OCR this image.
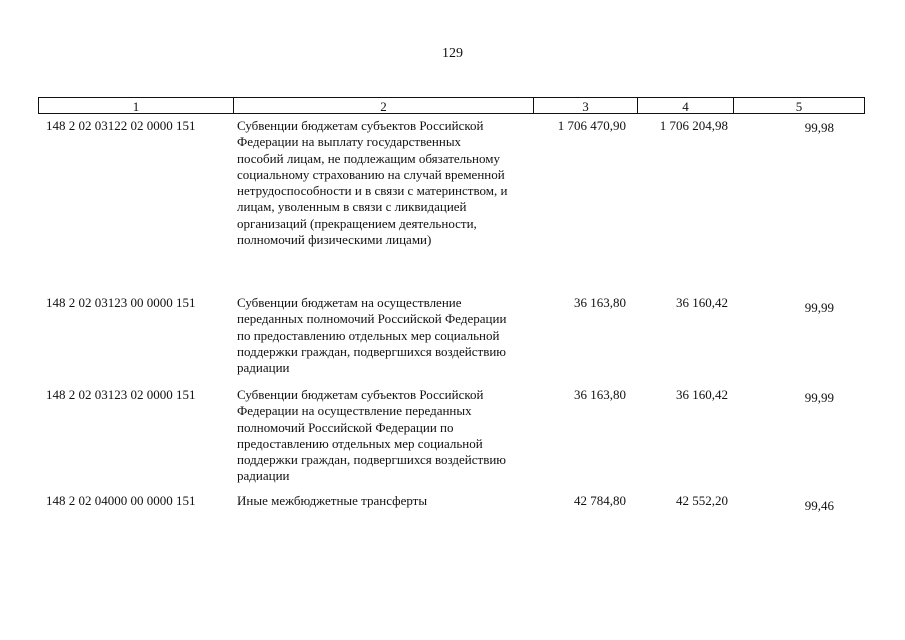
129
1	2	3	4	5
148 2 02 03122 02 0000 151	Субвенции бюджетам субъектов Российской
Федерации на выплату государственных
пособий лицам, не подлежащим обязательному
социальному страхованию на случай временной
нетрудоспособности и в связи с материнством, и
лицам, уволенным в связи с ликвидацией
организаций (прекращением деятельности,
полномочий физическими лицами)
1 706 470,90	1 706 204,98	99,98
148 2 02 03123 00 0000 151	Субвенции бюджетам на осуществление
переданных полномочий Российской Федерации
по предоставлению отдельных мер социальной
поддержки граждан, подвергшихся воздействию
радиации
36 163,80	36 160,42	99,99
148 2 02 03123 02 0000 151	Субвенции бюджетам субъектов Российской
Федерации на осуществление переданных
полномочий Российской Федерации по
предоставлению отдельных мер социальной
поддержки граждан, подвергшихся воздействию
радиации
36 163,80	36 160,42	99,99
148 2 02 04000 00 0000 151	Иные межбюджетные трансферты	42 784,80	42 552,20	99,46
